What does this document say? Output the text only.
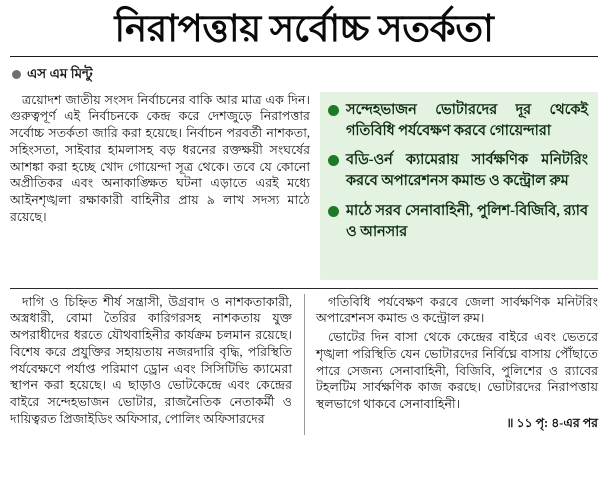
নিরাপত্তায় সর্বোচ্চ সতর্কতা
এস এম মিন্টু

ত্রয়োদশ জাতীয় সংসদ নির্বাচনের বাকি আর মাত্র এক দিন। গুরুত্বপূর্ণ এই নির্বাচনকে কেন্দ্র করে দেশজুড়ে নিরাপত্তার সর্বোচ্চ সতর্কতা জারি করা হয়েছে। নির্বাচন পরবর্তী নাশকতা, সহিংসতা, সাইবার হামলাসহ বড় ধরনের রক্তক্ষয়ী সংঘর্ষের আশঙ্কা করা হচ্ছে খোদ গোয়েন্দা সূত্র থেকে। তবে যে কোনো অপ্রীতিকর এবং অনাকাঙ্ক্ষিত ঘটনা এড়াতে এরই মধ্যে আইনশৃঙ্খলা রক্ষাকারী বাহিনীর প্রায় ৯ লাখ সদস্য মাঠে রয়েছে।

সন্দেহভাজন ভোটারদের দূর থেকেই গতিবিধি পর্যবেক্ষণ করবে গোয়েন্দারা
বডি-ওর্ন ক্যামেরায় সার্বক্ষণিক মনিটরিং করবে অপারেশনস কমান্ড ও কন্ট্রোল রুম
মাঠে সরব সেনাবাহিনী, পুলিশ-বিজিবি, র‍্যাব ও আনসার

দাগি ও চিহ্নিত শীর্ষ সন্ত্রাসী, উগ্রবাদ ও নাশকতাকারী, অস্ত্রধারী, বোমা তৈরির কারিগরসহ নাশকতায় যুক্ত অপরাধীদের ধরতে যৌথবাহিনীর কার্যক্রম চলমান রয়েছে। বিশেষ করে প্রযুক্তির সহায়তায় নজরদারি বৃদ্ধি, পরিস্থিতি পর্যবেক্ষণে পর্যাপ্ত পরিমাণ ড্রোন এবং সিসিটিভি ক্যামেরা স্থাপন করা হয়েছে। এ ছাড়াও ভোটকেন্দ্রে এবং কেন্দ্রের বাইরে সন্দেহভাজন ভোটার, রাজনৈতিক নেতাকর্মী ও দায়িত্বরত প্রিজাইডিং অফিসার, পোলিং অফিসারদের

গতিবিধি পর্যবেক্ষণ করবে জেলা সার্বক্ষণিক মনিটরিং অপারেশনস কমান্ড ও কন্ট্রোল রুম।

ভোটের দিন বাসা থেকে কেন্দ্রের বাইরে এবং ভেতরে শৃঙ্খলা পরিস্থিতি যেন ভোটারদের নির্বিঘ্নে বাসায় পৌঁছাতে পারে সেজন্য সেনাবাহিনী, বিজিবি, পুলিশের ও র‍্যাবের টহলটিম সার্বক্ষণিক কাজ করছে। ভোটারদের নিরাপত্তায় স্থলভাগে থাকবে সেনাবাহিনী।

॥ ১১ পৃ: ৪-এর পর
